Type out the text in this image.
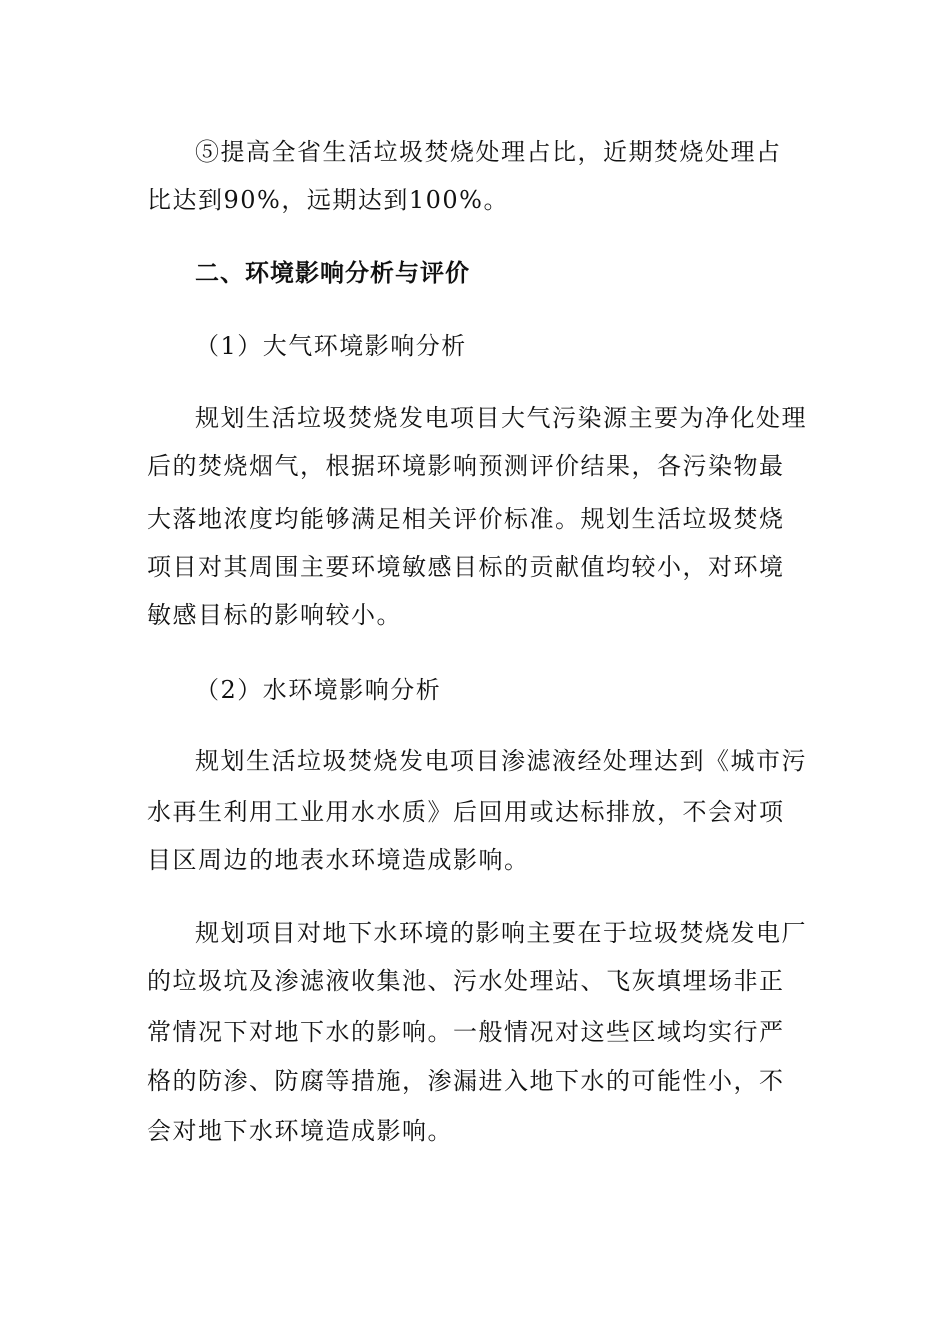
⑤提高全省生活垃圾焚烧处理占比，近期焚烧处理占
比达到90%，远期达到100%。
二、环境影响分析与评价
（1）大气环境影响分析
规划生活垃圾焚烧发电项目大气污染源主要为净化处理
后的焚烧烟气，根据环境影响预测评价结果，各污染物最
大落地浓度均能够满足相关评价标准。规划生活垃圾焚烧
项目对其周围主要环境敏感目标的贡献值均较小，对环境
敏感目标的影响较小。
（2）水环境影响分析
规划生活垃圾焚烧发电项目渗滤液经处理达到《城市污
水再生利用工业用水水质》后回用或达标排放，不会对项
目区周边的地表水环境造成影响。
规划项目对地下水环境的影响主要在于垃圾焚烧发电厂
的垃圾坑及渗滤液收集池、污水处理站、飞灰填埋场非正
常情况下对地下水的影响。一般情况对这些区域均实行严
格的防渗、防腐等措施，渗漏进入地下水的可能性小，不
会对地下水环境造成影响。
